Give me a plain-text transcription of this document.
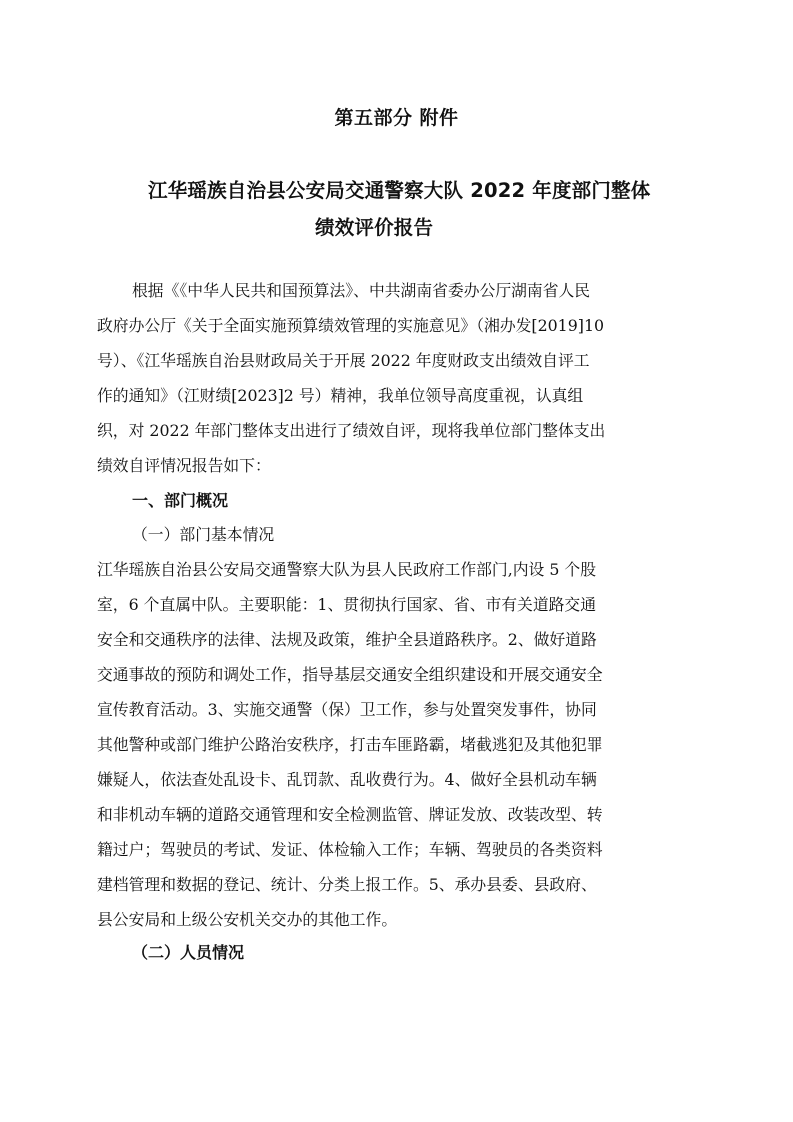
第五部分 附件
江华瑶族自治县公安局交通警察大队 2022 年度部门整体
绩效评价报告
根据《《中华人民共和国预算法》、中共湖南省委办公厅湖南省人民
政府办公厅《关于全面实施预算绩效管理的实施意见》（湘办发[2019]10
号）、《江华瑶族自治县财政局关于开展 2022 年度财政支出绩效自评工
作的通知》（江财绩[2023]2 号）精神，我单位领导高度重视，认真组
织，对 2022 年部门整体支出进行了绩效自评，现将我单位部门整体支出
绩效自评情况报告如下：
一、部门概况
（一）部门基本情况
江华瑶族自治县公安局交通警察大队为县人民政府工作部门,内设 5 个股
室，6 个直属中队。主要职能：1、贯彻执行国家、省、市有关道路交通
安全和交通秩序的法律、法规及政策，维护全县道路秩序。2、做好道路
交通事故的预防和调处工作，指导基层交通安全组织建设和开展交通安全
宣传教育活动。3、实施交通警（保）卫工作，参与处置突发事件，协同
其他警种或部门维护公路治安秩序，打击车匪路霸，堵截逃犯及其他犯罪
嫌疑人，依法查处乱设卡、乱罚款、乱收费行为。4、做好全县机动车辆
和非机动车辆的道路交通管理和安全检测监管、牌证发放、改装改型、转
籍过户；驾驶员的考试、发证、体检输入工作；车辆、驾驶员的各类资料
建档管理和数据的登记、统计、分类上报工作。5、承办县委、县政府、
县公安局和上级公安机关交办的其他工作。
（二）人员情况
